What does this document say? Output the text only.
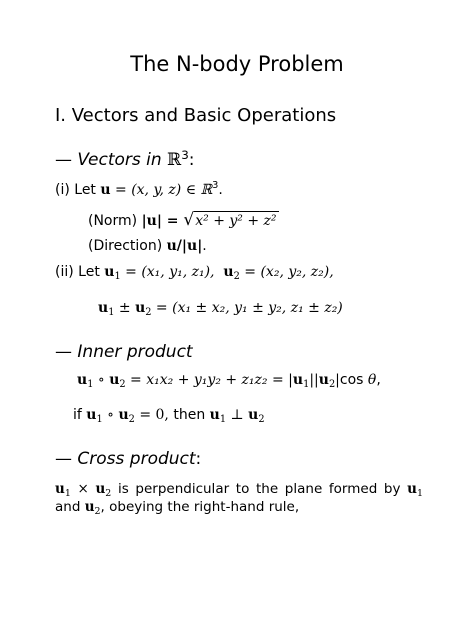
The N-body Problem
I. Vectors and Basic Operations
— Vectors in ℝ$^3$:
(i) Let u = (x, y, z) ∈ ℝ$^3$.
(Norm) |u| = √x² + y² + z²
(Direction) u/|u|.
(ii) Let $u_1 = (x_1$, y₁, z₁), $u_2 = (x_2$, y₂, z₂),
$u_1 \pm u_2 = (x_1 \pm x_2$, y₁ ± y₂, z₁ ± z₂)
— Inner product
$u_1$ ∘ $u_2 = x_1x_2 + y_1y_2 + z_1z_2 = |u_1||u_2|\cos$ θ,
if $u_1$ ∘ $u_2 = 0$, then $u_1$ ⊥ $u_2$
— Cross product:
$u_1 \times u_2$ is perpendicular to the plane formed by $u_1$ and $u_2$, obeying the right-hand rule,
